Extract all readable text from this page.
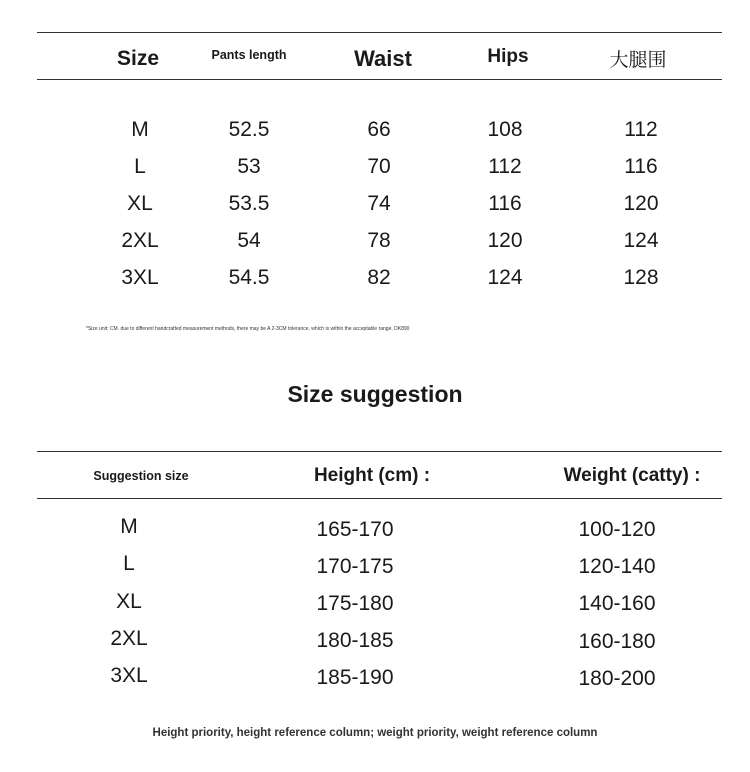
Size	Pants length	Waist	Hips	大腿围
M	52.5	66	108	112
L	53	70	112	116
XL	53.5	74	116	120
2XL	54	78	120	124
3XL	54.5	82	124	128
*Size unit: CM. due to different handcrafted measurement methods, there may be A 2-3CM tolerance, which is within the acceptable range. DK890
Size suggestion
Suggestion size	Height (cm) :	Weight (catty) :
M	165-170	100-120
L	170-175	120-140
XL	175-180	140-160
2XL	180-185	160-180
3XL	185-190	180-200
Height priority, height reference column; weight priority, weight reference column
